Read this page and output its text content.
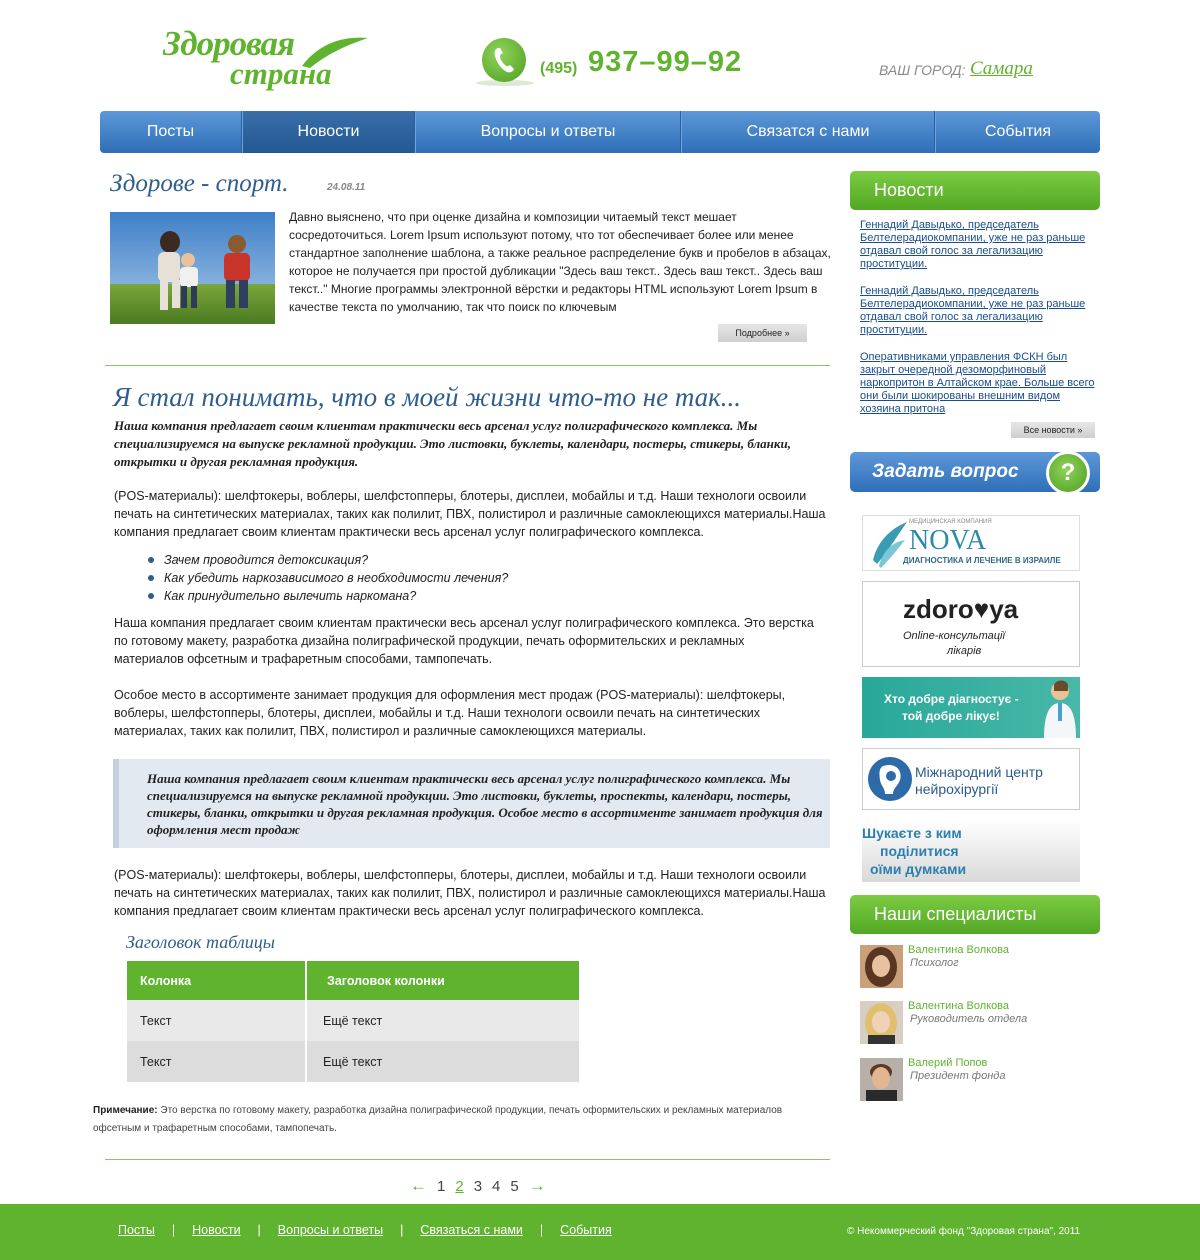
Здоровая
страна	(495) 937–99–92	ВАШ ГОРОД: Самара
Посты	Новости	Вопросы и ответы	Связатся с нами	События
Здорове - спорт.	24.08.11
Давно выяснено, что при оценке дизайна и композиции читаемый текст мешает сосредоточиться. Lorem Ipsum используют потому, что тот обеспечивает более или менее стандартное заполнение шаблона, а также реальное распределение букв и пробелов в абзацах, которое не получается при простой дубликации "Здесь ваш текст.. Здесь ваш текст.. Здесь ваш текст.." Многие программы электронной вёрстки и редакторы HTML используют Lorem Ipsum в качестве текста по умолчанию, так что поиск по ключевым
Подробнее »
Я стал понимать, что в моей жизни что-то не так...
Наша компания предлагает своим клиентам практически весь арсенал услуг полиграфического комплекса. Мы специализируемся на выпуске рекламной продукции. Это листовки, буклеты, календари, постеры, стикеры, бланки, открытки и другая рекламная продукция.
(POS-материалы): шелфтокеры, воблеры, шелфстопперы, блотеры, дисплеи, мобайлы и т.д. Наши технологи освоили печать на синтетических материалах, таких как полилит, ПВХ, полистирол и различные самоклеющихся материалы.Наша компания предлагает своим клиентам практически весь арсенал услуг полиграфического комплекса.
Зачем проводится детоксикация?
Как убедить наркозависимого в необходимости лечения?
Как принудительно вылечить наркомана?
Наша компания предлагает своим клиентам практически весь арсенал услуг полиграфического комплекса. Это верстка по готовому макету, разработка дизайна полиграфической продукции, печать оформительских и рекламных материалов офсетным и трафаретным способами, тампопечать.
Особое место в ассортименте занимает продукция для оформления мест продаж (POS-материалы): шелфтокеры, воблеры, шелфстопперы, блотеры, дисплеи, мобайлы и т.д. Наши технологи освоили печать на синтетических материалах, таких как полилит, ПВХ, полистирол и различные самоклеющихся материалы.
Наша компания предлагает своим клиентам практически весь арсенал услуг полиграфического комплекса. Мы специализируемся на выпуске рекламной продукции. Это листовки, буклеты, проспекты, календари, постеры, стикеры, бланки, открытки и другая рекламная продукция. Особое место в ассортименте занимает продукция для оформления мест продаж
(POS-материалы): шелфтокеры, воблеры, шелфстопперы, блотеры, дисплеи, мобайлы и т.д. Наши технологи освоили печать на синтетических материалах, таких как полилит, ПВХ, полистирол и различные самоклеющихся материалы.Наша компания предлагает своим клиентам практически весь арсенал услуг полиграфического комплекса.
Заголовок таблицы
Колонка	Заголовок колонки
Текст	Ещё текст
Текст	Ещё текст
Примечание: Это верстка по готовому макету, разработка дизайна полиграфической продукции, печать оформительских и рекламных материалов офсетным и трафаретным способами, тампопечать.
← 1 2 3 4 5 →
Новости
Геннадий Давыдько, председатель Белтелерадиокомпании, уже не раз раньше отдавал свой голос за легализацию проституции.
Геннадий Давыдько, председатель Белтелерадиокомпании, уже не раз раньше отдавал свой голос за легализацию проституции.
Оперативниками управления ФСКН был закрыт очередной дезоморфиновый наркопритон в Алтайском крае. Больше всего они были шокированы внешним видом хозяина притона
Все новости »
Задать вопрос	?
МЕДИЦИНСКАЯ КОМПАНИЯ
NOVA
ДИАГНОСТИКА И ЛЕЧЕНИЕ В ИЗРАИЛЕ
zdoro♥ya
Online-консультації
лікарів
Хто добре діагностує -
той добре лікує!
Міжнародний центр
нейрохірургії
Шукаєте з ким
поділитися
оїми думками
Наши специалисты
Валентина Волкова
Психолог
Валентина Волкова
Руководитель отдела
Валерий Попов
Президент фонда
Посты | Новости | Вопросы и ответы | Связаться с нами | События	© Некоммерческий фонд "Здоровая страна", 2011
